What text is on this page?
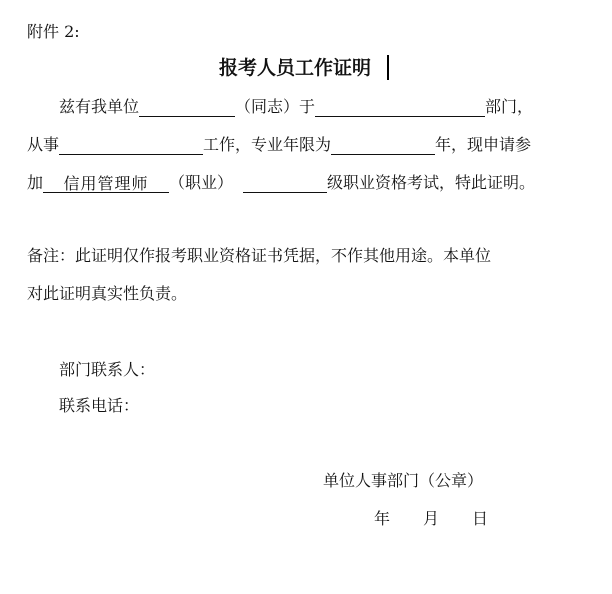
附件 2:
报考人员工作证明
兹有我单位	（同志）于	部门，
从事	工作，专业年限为	年，现申请参
加 信用管理师 （职业）	级职业资格考试，特此证明。
备注：此证明仅作报考职业资格证书凭据，不作其他用途。本单位
对此证明真实性负责。
部门联系人：
联系电话：
单位人事部门（公章）
年 月 日
